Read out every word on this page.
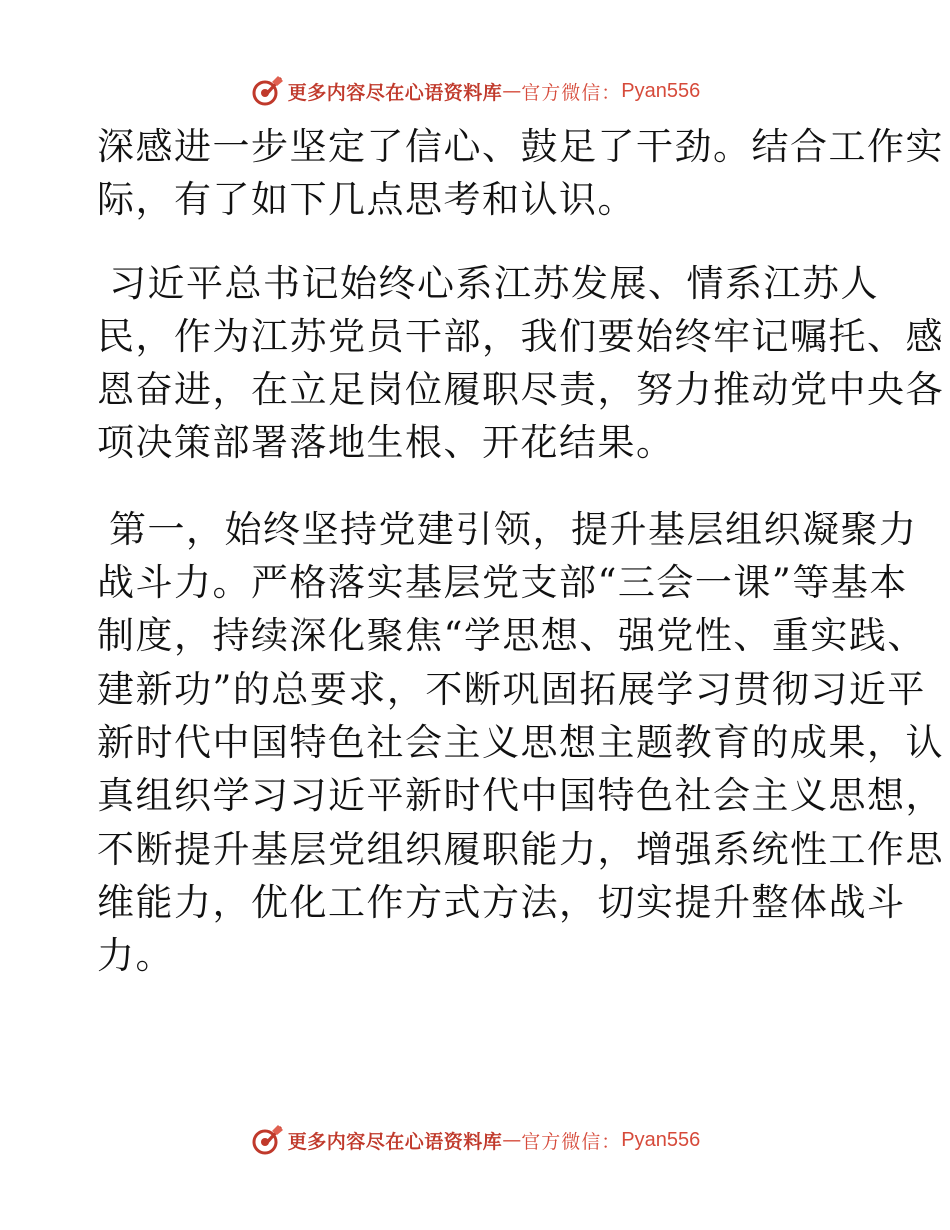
更多内容尽在心语资料库 — 官方微信： Pyan556
深感进一步坚定了信心、鼓足了干劲。结合工作实
际，有了如下几点思考和认识。
习近平总书记始终心系江苏发展、情系江苏人
民，作为江苏党员干部，我们要始终牢记嘱托、感
恩奋进，在立足岗位履职尽责，努力推动党中央各
项决策部署落地生根、开花结果。
第一，始终坚持党建引领，提升基层组织凝聚力
战斗力。严格落实基层党支部“三会一课”等基本
制度，持续深化聚焦“学思想、强党性、重实践、
建新功”的总要求，不断巩固拓展学习贯彻习近平
新时代中国特色社会主义思想主题教育的成果，认
真组织学习习近平新时代中国特色社会主义思想，
不断提升基层党组织履职能力，增强系统性工作思
维能力，优化工作方式方法，切实提升整体战斗
力。
更多内容尽在心语资料库 — 官方微信： Pyan556
